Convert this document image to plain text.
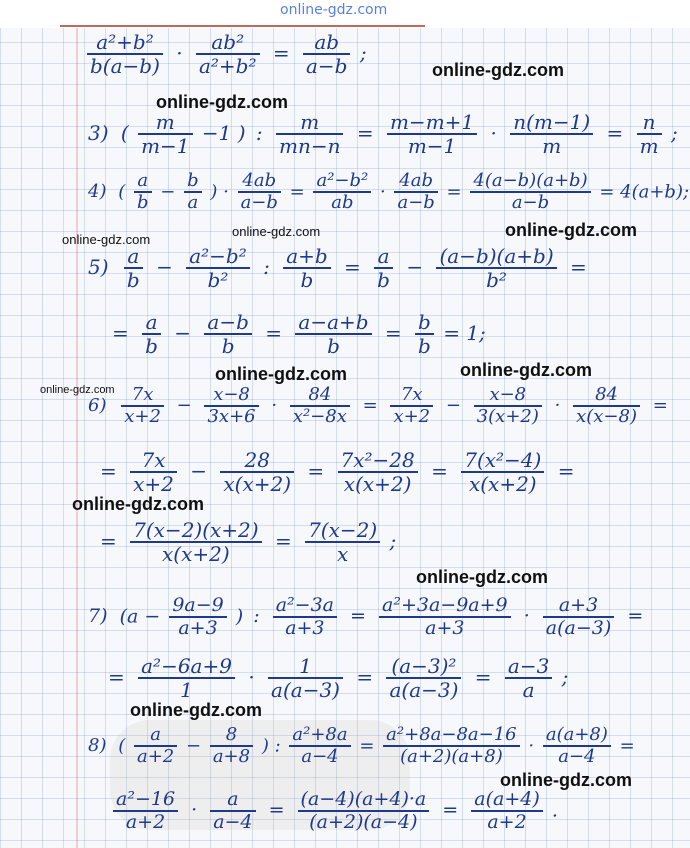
online-gdz.com
online-gdz.com
online-gdz.com
online-gdz.com
online-gdz.com	online-gdz.com
online-gdz.com
online-gdz.com
online-gdz.com
online-gdz.com
online-gdz.com
online-gdz.com
online-gdz.com
$\frac{\text{a²+b²}}{b(a-b)} \cdot \frac{\text{ab²}}{\text{a²+b²}} = \frac{ab}{a-b}$ ;
3) ( $\frac{m}{m-1} -1$ ) : $\frac{m}{mn-n} = \frac{m-m+1}{m-1} \cdot \frac{n(m-1)}{m} = \frac{n}{m}$ ;
4) ( $\frac{a}{b} - \frac{b}{a}$ ) · $\frac{4ab}{a-b} = \frac{\text{a²−b²}}{ab} \cdot \frac{4ab}{a-b} = \frac{4(a-b)(a+b)}{a-b} = 4(a+b)$;
$5) \frac{a}{b} - \frac{\text{a²−b²}}{\text{b²}}$ : $\frac{a+b}{b} = \frac{a}{b} - \frac{(a-b)(a+b)}{\text{b²}}$ =
= $\frac{a}{b} - \frac{a-b}{b} = \frac{a-a+b}{b} = \frac{b}{b} = 1$;
$6) \frac{7x}{x+2} - \frac{x-8}{3x+6} \cdot \frac{84}{\text{x²−8x}} = \frac{7x}{x+2} - \frac{x-8}{3(x+2)} \cdot \frac{84}{x(x-8)}$ =
= $\frac{7x}{x+2} - \frac{28}{x(x+2)} = \frac{\text{7x²−28}}{x(x+2)} = \frac{\text{7(x²−4)}}{x(x+2)}$ =
= $\frac{7(x-2)(x+2)}{x(x+2)} = \frac{7(x-2)}{x}$ ;
7) ($a - \frac{9a-9}{a+3}$ ) : $\frac{\text{a²−3a}}{a+3} = \frac{\text{a²+3a−9a+9}}{a+3} \cdot \frac{a+3}{a(a-3)}$ =
= $\frac{\text{a²−6a+9}}{1} \cdot \frac{1}{a(a-3)} = \frac{\text{(a−3)²}}{a(a-3)} = \frac{a-3}{a}$ ;
8) ( $\frac{a}{a+2} - \frac{8}{a+8}$ ) : $\frac{\text{a²+8a}}{a-4} = \frac{\text{a²+8a−8a−16}}{(a+2)(a+8)} \cdot \frac{a(a+8)}{a-4}$ =
$\frac{\text{a²−16}}{a+2} \cdot \frac{a}{a-4} = \frac{(a-4)(a+4)\cdot a}{(a+2)(a-4)} = \frac{a(a+4)}{a+2}$ .
